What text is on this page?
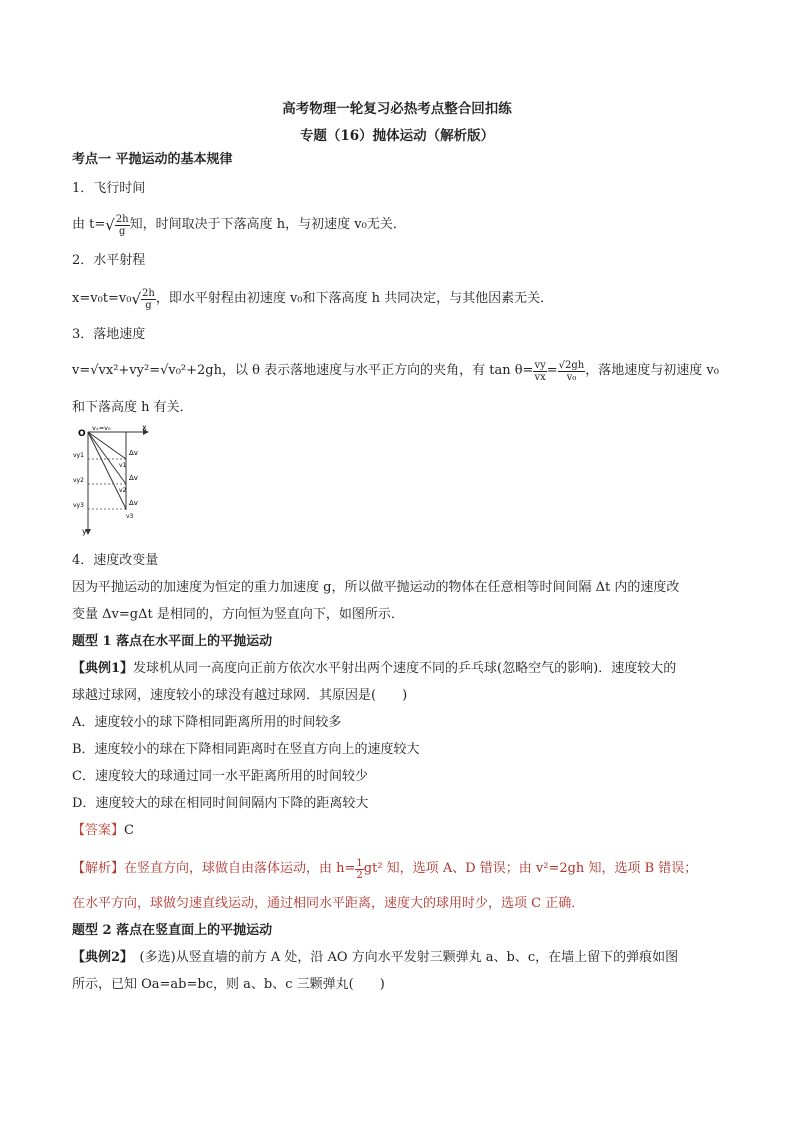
高考物理一轮复习必热考点整合回扣练
专题（16）抛体运动（解析版）
考点一 平抛运动的基本规律
1．飞行时间
由 t= √ $\frac{2h}{g}$ 知，时间取决于下落高度 h，与初速度 v₀无关．
2．水平射程
x=v₀t=v₀ √ $\frac{2h}{g}$ ，即水平射程由初速度 v₀和下落高度 h 共同决定，与其他因素无关．
3．落地速度
v=√vx²+vy²=√v₀²+2gh，以 θ 表示落地速度与水平正方向的夹角，有 $\tan \theta= \frac{vy}{vx} = \frac{√2gh}{\text{v₀}}$ ，落地速度与初速度 v₀
和下落高度 h 有关．
O
x
y
vₓ=v₀
vy1
vy2
vy3
v1
v2
v3
Δv
Δv
Δv
4．速度改变量
因为平抛运动的加速度为恒定的重力加速度 g，所以做平抛运动的物体在任意相等时间间隔 Δt 内的速度改
变量 Δv=gΔt 是相同的，方向恒为竖直向下，如图所示．
题型 1 落点在水平面上的平抛运动
【典例1】发球机从同一高度向正前方依次水平射出两个速度不同的乒乓球(忽略空气的影响)．速度较大的
球越过球网，速度较小的球没有越过球网．其原因是(　　)
A．速度较小的球下降相同距离所用的时间较多
B．速度较小的球在下降相同距离时在竖直方向上的速度较大
C．速度较大的球通过同一水平距离所用的时间较少
D．速度较大的球在相同时间间隔内下降的距离较大
【答案】C
【解析】 在竖直方向，球做自由落体运动，由 $h= \frac{1}{2} gt^2$ 知，选项 A、D 错误；由 v²=2gh 知，选项 B 错误；
在水平方向，球做匀速直线运动，通过相同水平距离，速度大的球用时少，选项 C 正确．
题型 2 落点在竖直面上的平抛运动
【典例2】　(多选)从竖直墙的前方 A 处，沿 AO 方向水平发射三颗弹丸 a、b、c，在墙上留下的弹痕如图
所示，已知 Oa=ab=bc，则 a、b、c 三颗弹丸(　　)
